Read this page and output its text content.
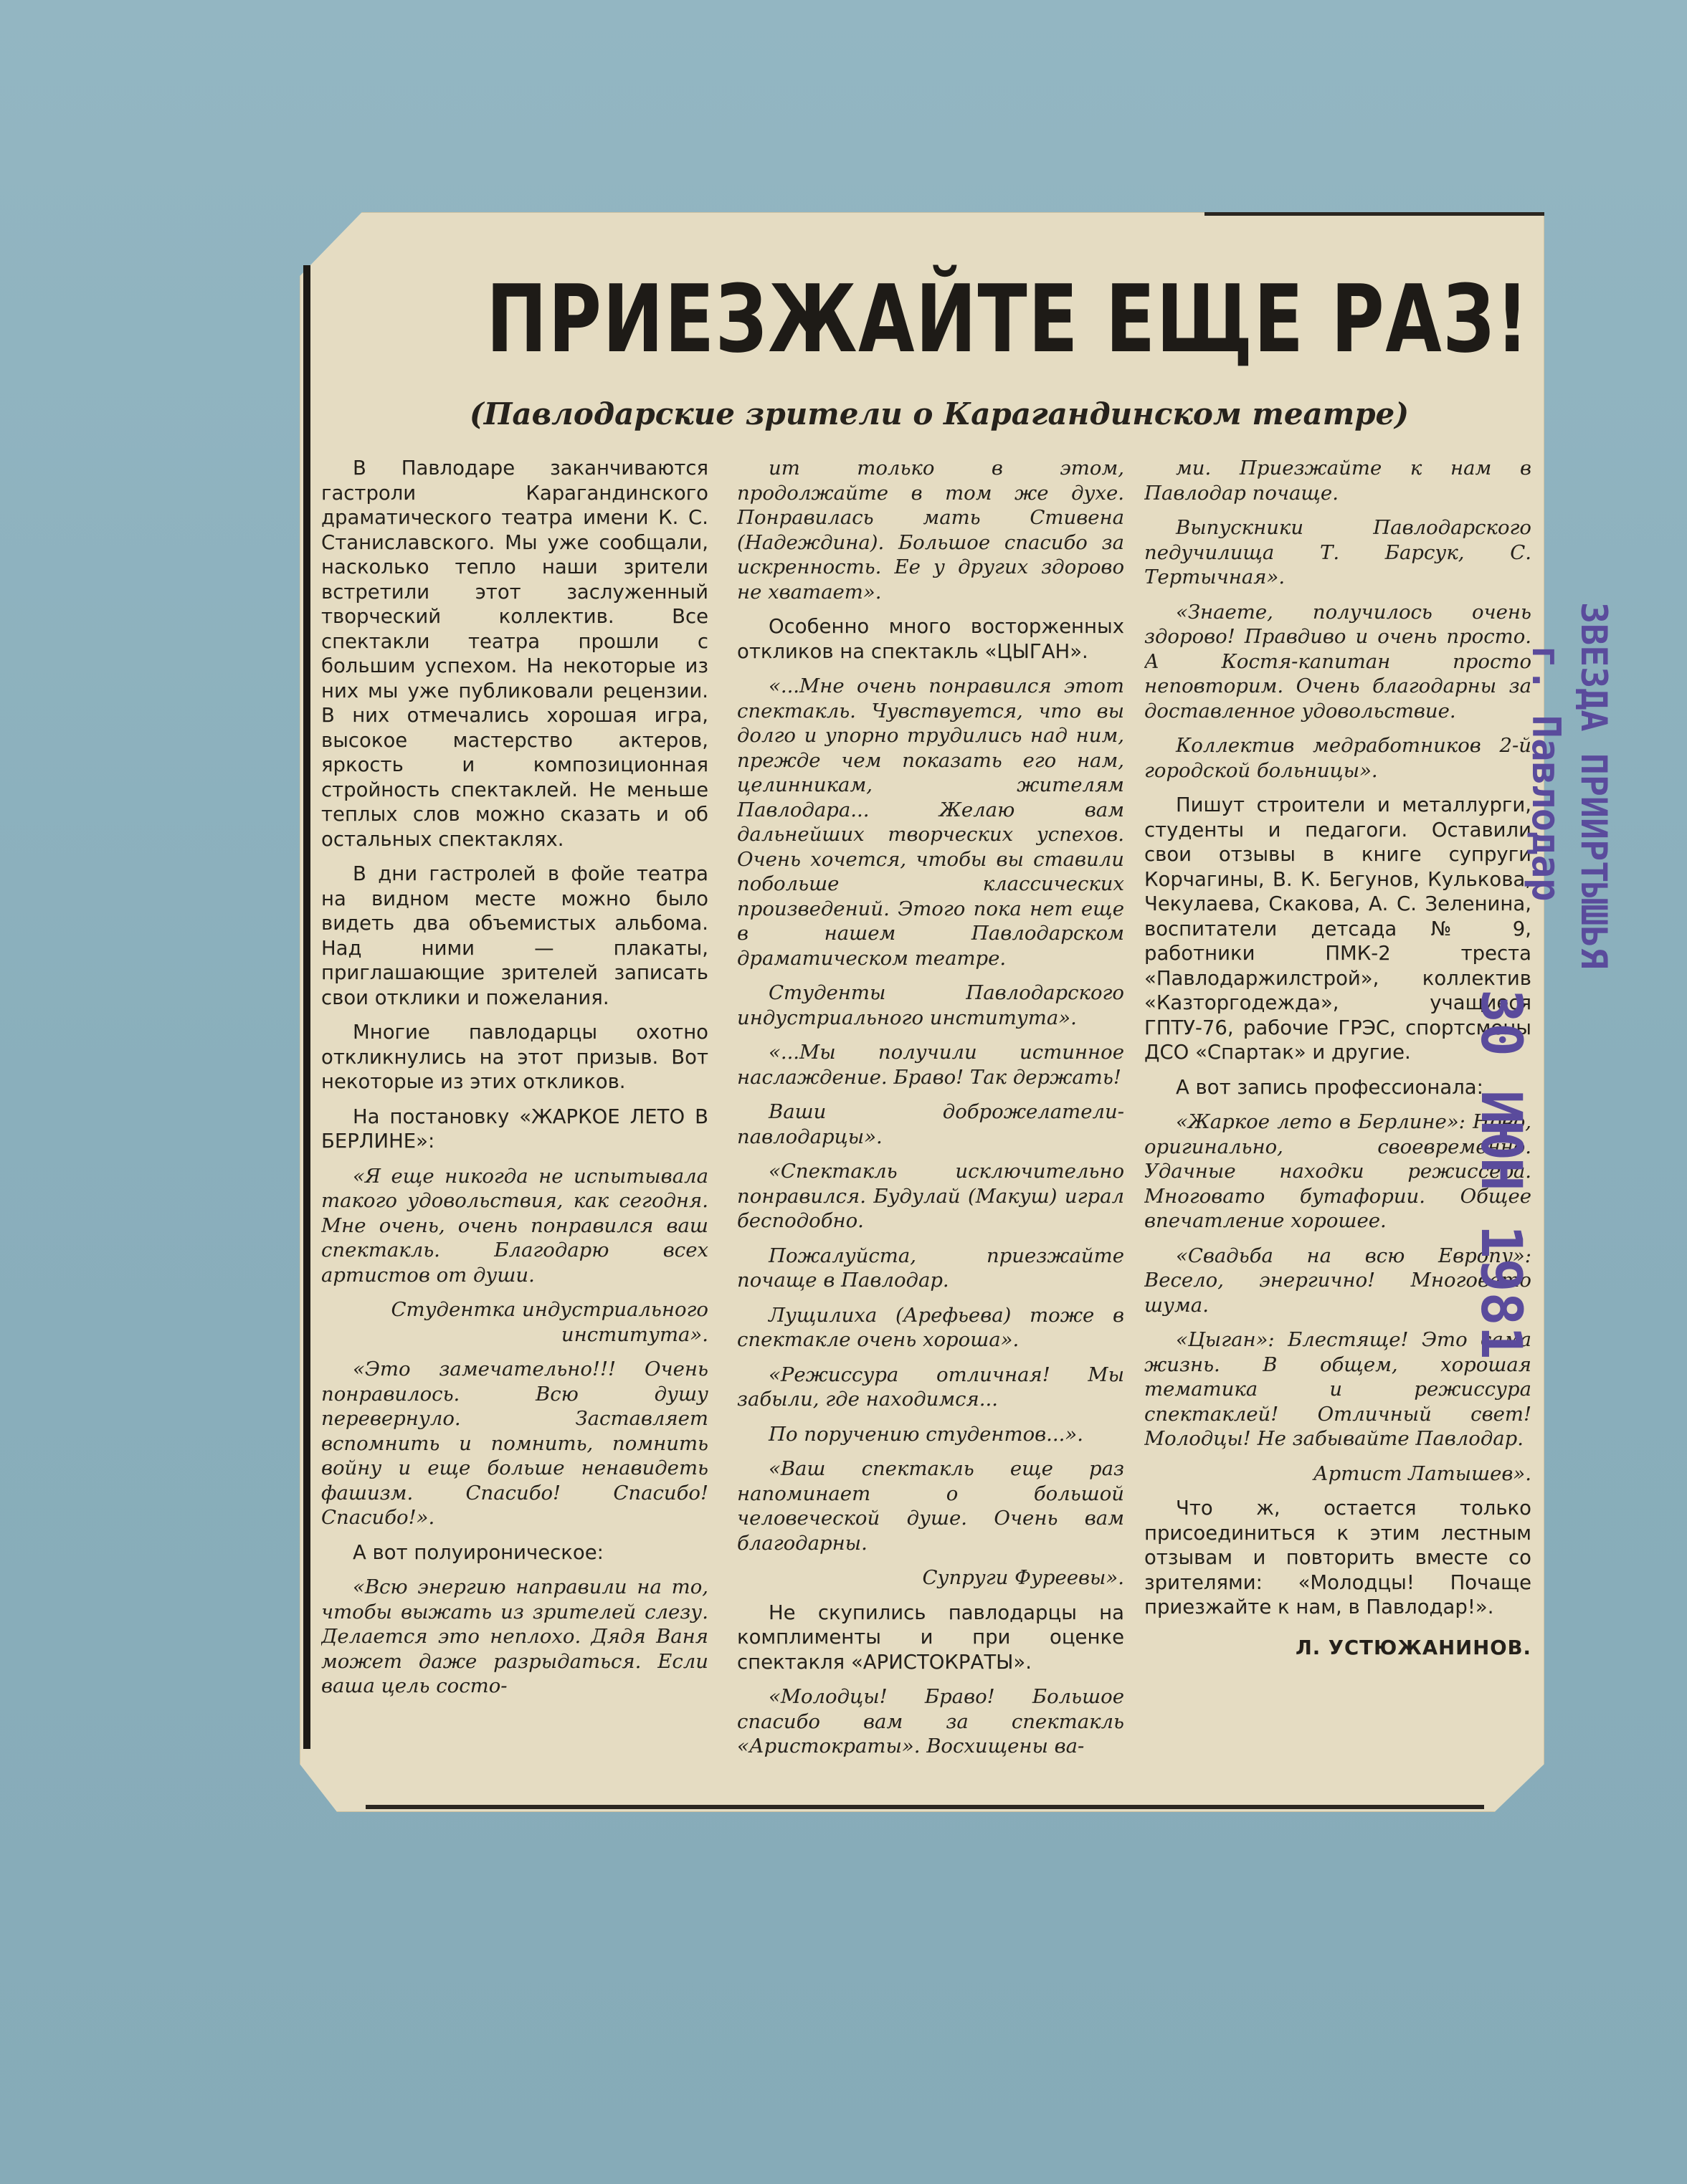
ПРИЕЗЖАЙТЕ ЕЩЕ РАЗ!
(Павлодарские зрители о Карагандинском театре)

В Павлодаре заканчиваются гастроли Карагандинского драматического театра имени К. С. Станиславского. Мы уже сообщали, насколько тепло наши зрители встретили этот заслуженный творческий коллектив. Все спектакли театра прошли с большим успехом. На некоторые из них мы уже публиковали рецензии. В них отмечались хорошая игра, высокое мастерство актеров, яркость и композиционная стройность спектаклей. Не меньше теплых слов можно сказать и об остальных спектаклях.

В дни гастролей в фойе театра на видном месте можно было видеть два объемистых альбома. Над ними — плакаты, приглашающие зрителей записать свои отклики и пожелания.

Многие павлодарцы охотно откликнулись на этот призыв. Вот некоторые из этих откликов.

На постановку «ЖАРКОЕ ЛЕТО В БЕРЛИНЕ»:

«Я еще никогда не испытывала такого удовольствия, как сегодня. Мне очень, очень понравился ваш спектакль. Благодарю всех артистов от души.

Студентка индустриального института».

«Это замечательно!!! Очень понравилось. Всю душу перевернуло. Заставляет вспомнить и помнить, помнить войну и еще больше ненавидеть фашизм. Спасибо! Спасибо! Спасибо!».

А вот полуироническое:

«Всю энергию направили на то, чтобы выжать из зрителей слезу. Делается это неплохо. Дядя Ваня может даже разрыдаться. Если ваша цель состо-

ит только в этом, продолжайте в том же духе. Понравилась мать Стивена (Надеждина). Большое спасибо за искренность. Ее у других здорово не хватает».

Особенно много восторженных откликов на спектакль «ЦЫГАН».

«...Мне очень понравился этот спектакль. Чувствуется, что вы долго и упорно трудились над ним, прежде чем показать его нам, целинникам, жителям Павлодара... Желаю вам дальнейших творческих успехов. Очень хочется, чтобы вы ставили побольше классических произведений. Этого пока нет еще в нашем Павлодарском драматическом театре.

Студенты Павлодарского индустриального института».

«...Мы получили истинное наслаждение. Браво! Так держать!

Ваши доброжелатели-павлодарцы».

«Спектакль исключительно понравился. Будулай (Макуш) играл бесподобно.

Пожалуйста, приезжайте почаще в Павлодар.

Лущилиха (Арефьева) тоже в спектакле очень хороша».

«Режиссура отличная! Мы забыли, где находимся...

По поручению студентов...».

«Ваш спектакль еще раз напоминает о большой человеческой душе. Очень вам благодарны.

Супруги Фуреевы».

Не скупились павлодарцы на комплименты и при оценке спектакля «АРИСТОКРАТЫ».

«Молодцы! Браво! Большое спасибо вам за спектакль «Аристократы». Восхищены ва-

ми. Приезжайте к нам в Павлодар почаще.

Выпускники Павлодарского педучилища Т. Барсук, С. Тертычная».

«Знаете, получилось очень здорово! Правдиво и очень просто. А Костя-капитан просто неповторим. Очень благодарны за доставленное удовольствие.

Коллектив медработников 2-й городской больницы».

Пишут строители и металлурги, студенты и педагоги. Оставили свои отзывы в книге супруги Корчагины, В. К. Бегунов, Кулькова, Чекулаева, Скакова, А. С. Зеленина, воспитатели детсада № 9, работники ПМК-2 треста «Павлодаржилстрой», коллектив «Казторгодежда», учащиеся ГПТУ-76, рабочие ГРЭС, спортсмены ДСО «Спартак» и другие.

А вот запись профессионала:

«Жаркое лето в Берлине»: Ново, оригинально, своевременно. Удачные находки режиссера. Многовато бутафории. Общее впечатление хорошее.

«Свадьба на всю Европу»: Весело, энергично! Многовато шума.

«Цыган»: Блестяще! Это сама жизнь. В общем, хорошая тематика и режиссура спектаклей! Отличный свет! Молодцы! Не забывайте Павлодар.

Артист Латышев».

Что ж, остается только присоединиться к этим лестным отзывам и повторить вместе со зрителями: «Молодцы! Почаще приезжайте к нам, в Павлодар!».

Л. УСТЮЖАНИНОВ.

ЗВЕЗДА ПРИИРТЫШЬЯ
г. Павлодар
30 ИЮН 1981
